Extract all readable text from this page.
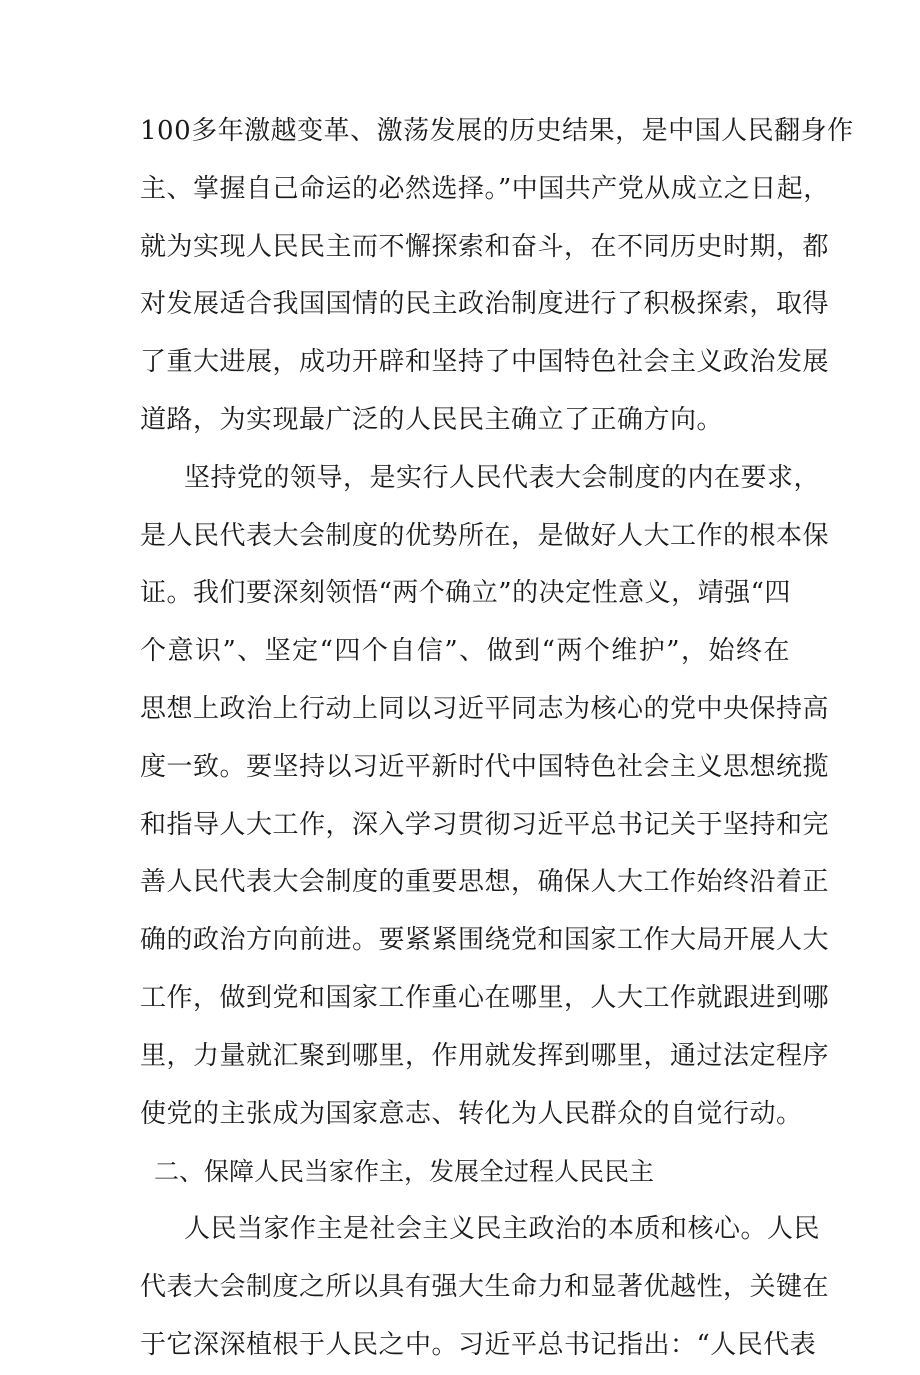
100多年激越变革、激荡发展的历史结果，是中国人民翻身作
主、掌握自己命运的必然选择。”中国共产党从成立之日起，
就为实现人民民主而不懈探索和奋斗，在不同历史时期，都
对发展适合我国国情的民主政治制度进行了积极探索，取得
了重大进展，成功开辟和坚持了中国特色社会主义政治发展
道路，为实现最广泛的人民民主确立了正确方向。
坚持党的领导，是实行人民代表大会制度的内在要求，
是人民代表大会制度的优势所在，是做好人大工作的根本保
证。我们要深刻领悟“两个确立”的决定性意义，靖强“四
个意识”、坚定“四个自信”、做到“两个维护”，始终在
思想上政治上行动上同以习近平同志为核心的党中央保持高
度一致。要坚持以习近平新时代中国特色社会主义思想统揽
和指导人大工作，深入学习贯彻习近平总书记关于坚持和完
善人民代表大会制度的重要思想，确保人大工作始终沿着正
确的政治方向前进。要紧紧围绕党和国家工作大局开展人大
工作，做到党和国家工作重心在哪里，人大工作就跟进到哪
里，力量就汇聚到哪里，作用就发挥到哪里，通过法定程序
使党的主张成为国家意志、转化为人民群众的自觉行动。
二、保障人民当家作主，发展全过程人民民主
人民当家作主是社会主义民主政治的本质和核心。人民
代表大会制度之所以具有强大生命力和显著优越性，关键在
于它深深植根于人民之中。习近平总书记指出：“人民代表
